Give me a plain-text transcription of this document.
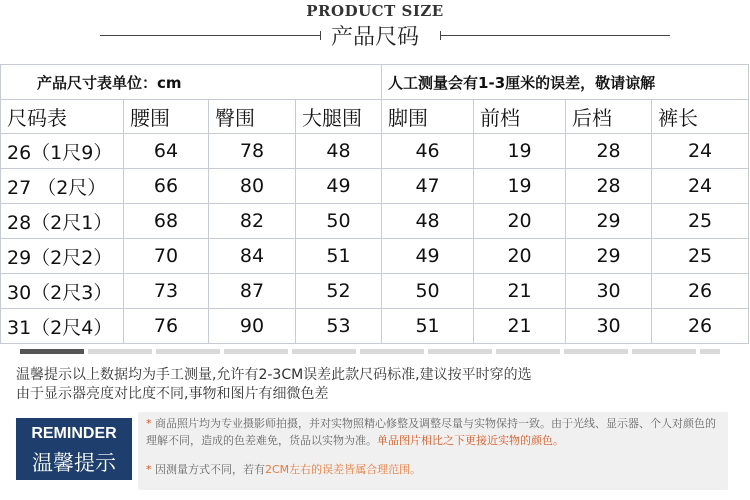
PRODUCT SIZE
产品尺码
产品尺寸表单位：cm				人工测量会有1-3厘米的误差，敬请谅解			
尺码表	腰围	臀围	大腿围	脚围	前档	后档	裤长
26（1尺9）	64	78	48	46	19	28	24
27 （2尺）	66	80	49	47	19	28	24
28（2尺1）	68	82	50	48	20	29	25
29（2尺2）	70	84	51	49	20	29	25
30（2尺3）	73	87	52	50	21	30	26
31（2尺4）	76	90	53	51	21	30	26
温馨提示以上数据均为手工测量,允许有2-3CM误差此款尺码标准,建议按平时穿的选
由于显示器亮度对比度不同,事物和图片有细微色差
REMINDER
温馨提示
* 商品照片均为专业摄影师拍摄，并对实物照精心修整及调整尽量与实物保持一致。由于光线、显示器、个人对颜色的理解不同，造成的色差难免，货品以实物为准。单品图片相比之下更接近实物的颜色。
* 因测量方式不同，若有2CM左右的误差皆属合理范围。
